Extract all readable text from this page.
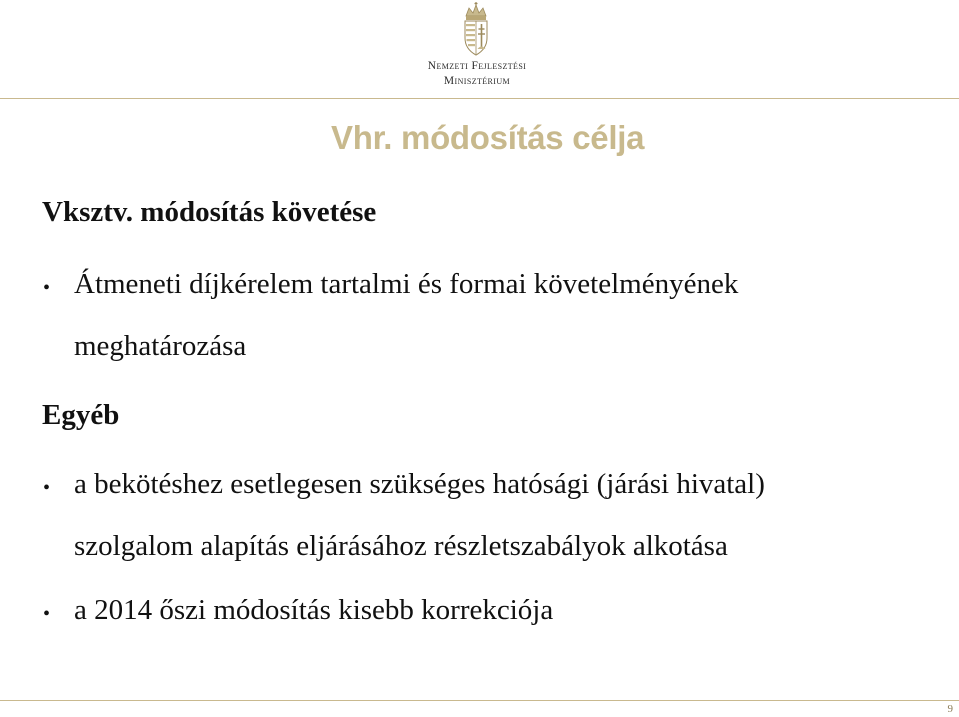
Nemzeti Fejlesztési
Minisztérium
Vhr. módosítás célja
Vksztv. módosítás követése
• Átmeneti díjkérelem tartalmi és formai követelményének
meghatározása
Egyéb
• a bekötéshez esetlegesen szükséges hatósági (járási hivatal)
szolgalom alapítás eljárásához részletszabályok alkotása
• a 2014 őszi módosítás kisebb korrekciója
9
